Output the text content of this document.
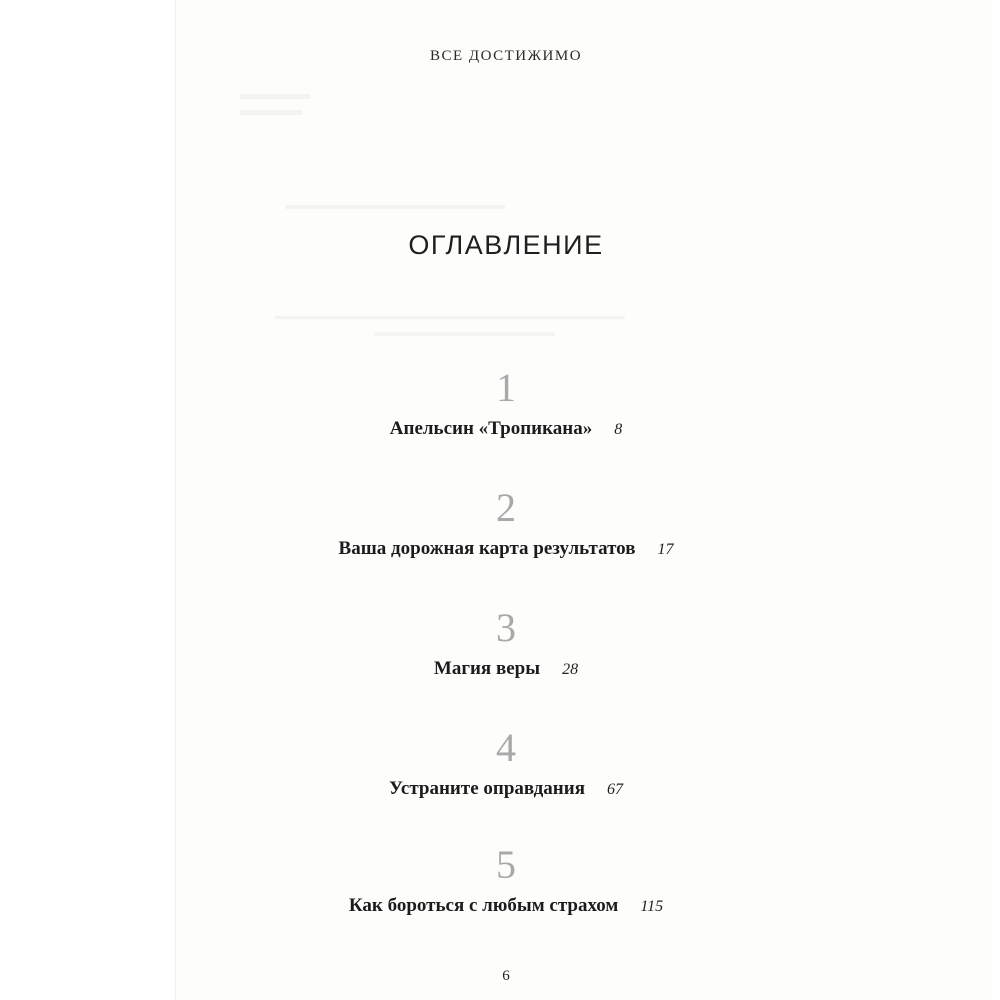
ВСЕ ДОСТИЖИМО
ОГЛАВЛЕНИЕ
1
Апельсин «Тропикана» 8
2
Ваша дорожная карта результатов 17
3
Магия веры 28
4
Устраните оправдания 67
5
Как бороться с любым страхом 115
6
